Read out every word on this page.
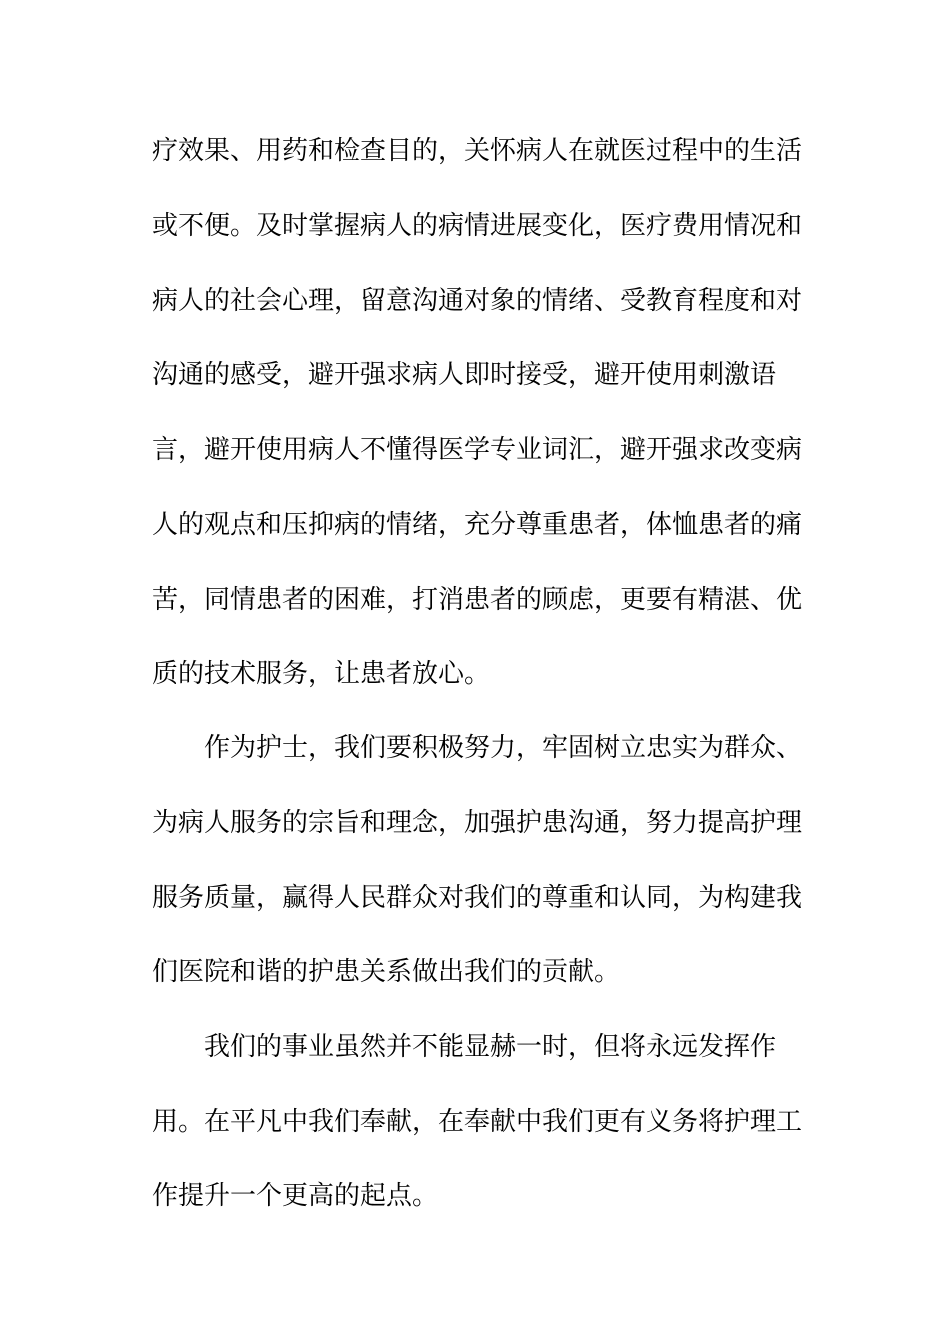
疗效果、用药和检查目的，关怀病人在就医过程中的生活
或不便。及时掌握病人的病情进展变化，医疗费用情况和
病人的社会心理，留意沟通对象的情绪、受教育程度和对
沟通的感受，避开强求病人即时接受，避开使用刺激语
言，避开使用病人不懂得医学专业词汇，避开强求改变病
人的观点和压抑病的情绪，充分尊重患者，体恤患者的痛
苦，同情患者的困难，打消患者的顾虑，更要有精湛、优
质的技术服务，让患者放心。
作为护士，我们要积极努力，牢固树立忠实为群众、
为病人服务的宗旨和理念，加强护患沟通，努力提高护理
服务质量，赢得人民群众对我们的尊重和认同，为构建我
们医院和谐的护患关系做出我们的贡献。
我们的事业虽然并不能显赫一时，但将永远发挥作
用。在平凡中我们奉献，在奉献中我们更有义务将护理工
作提升一个更高的起点。
